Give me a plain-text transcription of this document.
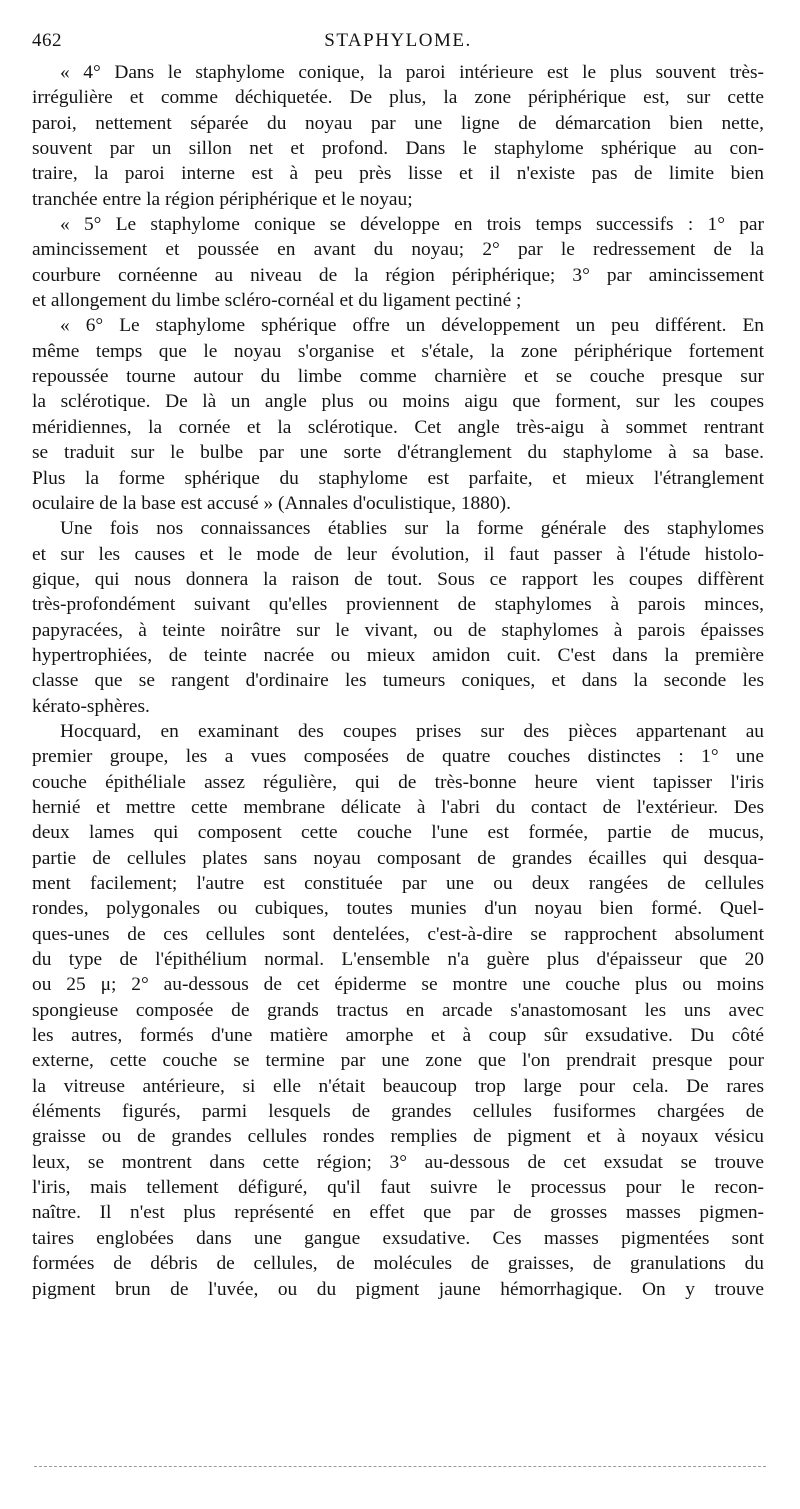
462	STAPHYLOME.
« 4° Dans le staphylome conique, la paroi intérieure est le plus souvent très-
irrégulière et comme déchiquetée. De plus, la zone périphérique est, sur cette
paroi, nettement séparée du noyau par une ligne de démarcation bien nette,
souvent par un sillon net et profond. Dans le staphylome sphérique au con-
traire, la paroi interne est à peu près lisse et il n'existe pas de limite bien
tranchée entre la région périphérique et le noyau;
« 5° Le staphylome conique se développe en trois temps successifs : 1° par
amincissement et poussée en avant du noyau; 2° par le redressement de la
courbure cornéenne au niveau de la région périphérique; 3° par amincissement
et allongement du limbe scléro-cornéal et du ligament pectiné ;
« 6° Le staphylome sphérique offre un développement un peu différent. En
même temps que le noyau s'organise et s'étale, la zone périphérique fortement
repoussée tourne autour du limbe comme charnière et se couche presque sur
la sclérotique. De là un angle plus ou moins aigu que forment, sur les coupes
méridiennes, la cornée et la sclérotique. Cet angle très-aigu à sommet rentrant
se traduit sur le bulbe par une sorte d'étranglement du staphylome à sa base.
Plus la forme sphérique du staphylome est parfaite, et mieux l'étranglement
oculaire de la base est accusé » (Annales d'oculistique, 1880).
Une fois nos connaissances établies sur la forme générale des staphylomes
et sur les causes et le mode de leur évolution, il faut passer à l'étude histolo-
gique, qui nous donnera la raison de tout. Sous ce rapport les coupes diffèrent
très-profondément suivant qu'elles proviennent de staphylomes à parois minces,
papyracées, à teinte noirâtre sur le vivant, ou de staphylomes à parois épaisses
hypertrophiées, de teinte nacrée ou mieux amidon cuit. C'est dans la première
classe que se rangent d'ordinaire les tumeurs coniques, et dans la seconde les
kérato-sphères.
Hocquard, en examinant des coupes prises sur des pièces appartenant au
premier groupe, les a vues composées de quatre couches distinctes : 1° une
couche épithéliale assez régulière, qui de très-bonne heure vient tapisser l'iris
hernié et mettre cette membrane délicate à l'abri du contact de l'extérieur. Des
deux lames qui composent cette couche l'une est formée, partie de mucus,
partie de cellules plates sans noyau composant de grandes écailles qui desqua-
ment facilement; l'autre est constituée par une ou deux rangées de cellules
rondes, polygonales ou cubiques, toutes munies d'un noyau bien formé. Quel-
ques-unes de ces cellules sont dentelées, c'est-à-dire se rapprochent absolument
du type de l'épithélium normal. L'ensemble n'a guère plus d'épaisseur que 20
ou 25 μ; 2° au-dessous de cet épiderme se montre une couche plus ou moins
spongieuse composée de grands tractus en arcade s'anastomosant les uns avec
les autres, formés d'une matière amorphe et à coup sûr exsudative. Du côté
externe, cette couche se termine par une zone que l'on prendrait presque pour
la vitreuse antérieure, si elle n'était beaucoup trop large pour cela. De rares
éléments figurés, parmi lesquels de grandes cellules fusiformes chargées de
graisse ou de grandes cellules rondes remplies de pigment et à noyaux vésicu
leux, se montrent dans cette région; 3° au-dessous de cet exsudat se trouve
l'iris, mais tellement défiguré, qu'il faut suivre le processus pour le recon-
naître. Il n'est plus représenté en effet que par de grosses masses pigmen-
taires englobées dans une gangue exsudative. Ces masses pigmentées sont
formées de débris de cellules, de molécules de graisses, de granulations du
pigment brun de l'uvée, ou du pigment jaune hémorrhagique. On y trouve
